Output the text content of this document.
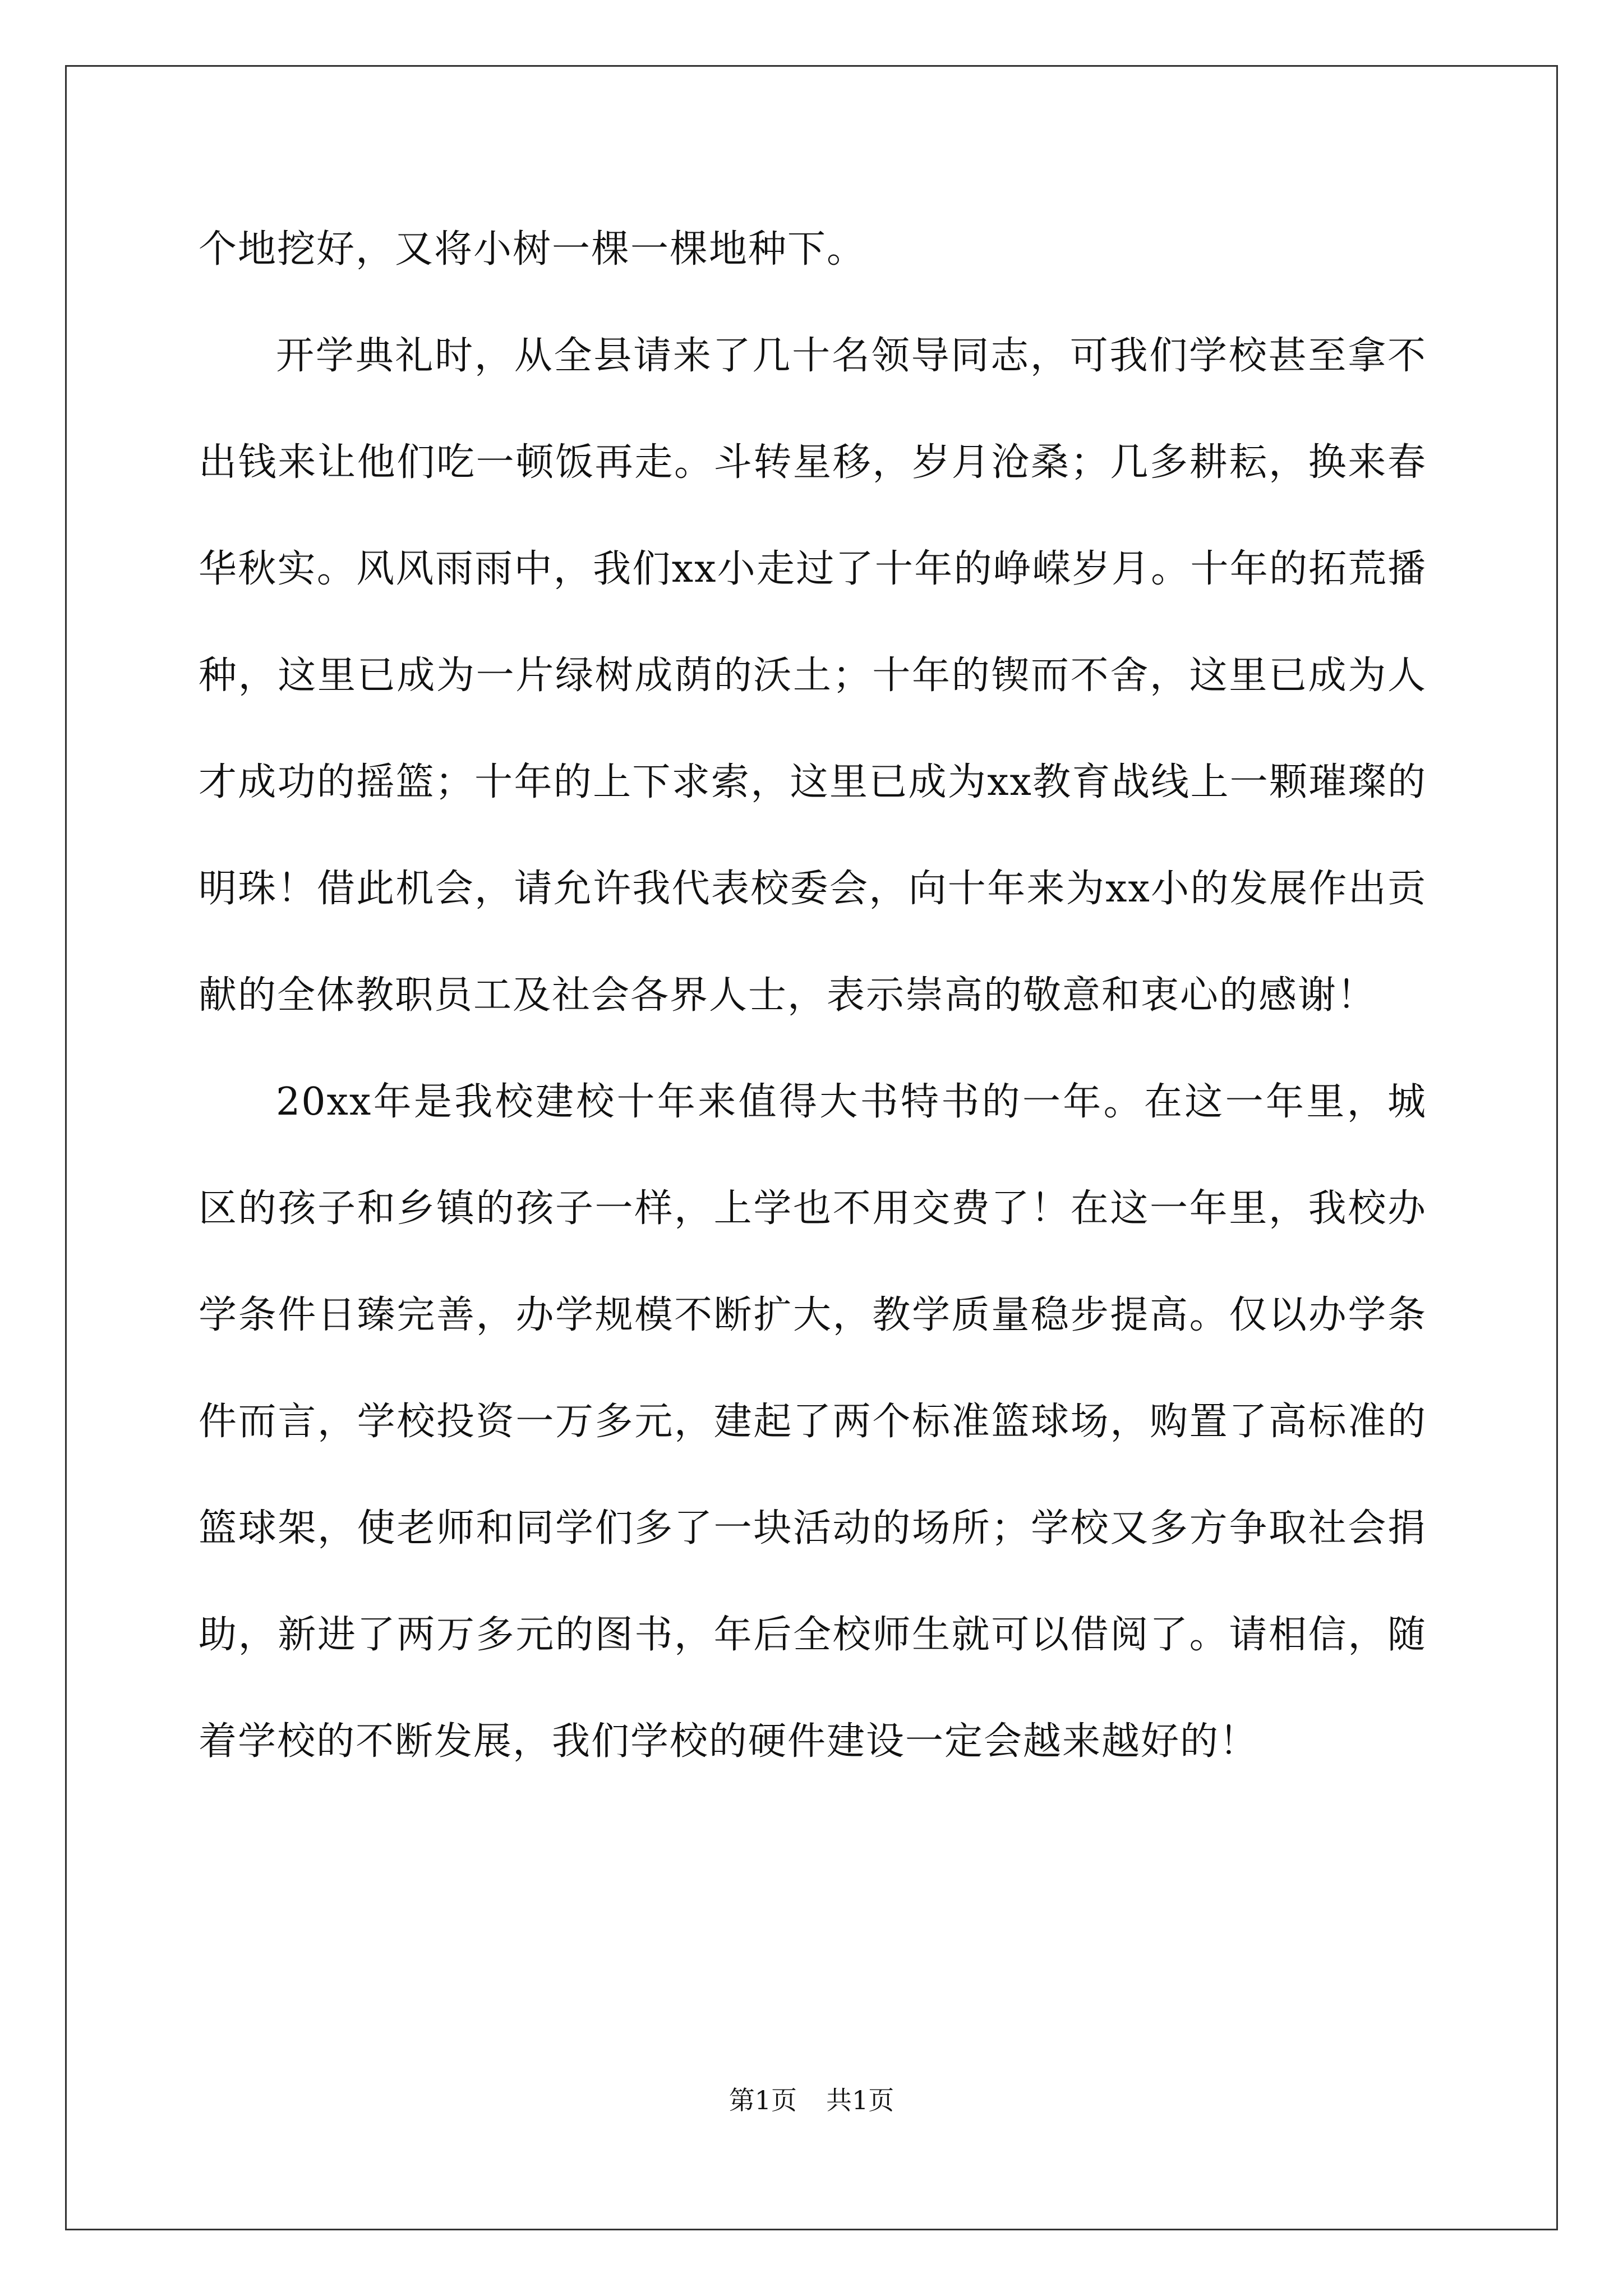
个地挖好，又将小树一棵一棵地种下。

开学典礼时，从全县请来了几十名领导同志，可我们学校甚至拿不出钱来让他们吃一顿饭再走。斗转星移，岁月沧桑；几多耕耘，换来春华秋实。风风雨雨中，我们xx小走过了十年的峥嵘岁月。十年的拓荒播种，这里已成为一片绿树成荫的沃土；十年的锲而不舍，这里已成为人才成功的摇篮；十年的上下求索，这里已成为xx教育战线上一颗璀璨的明珠！借此机会，请允许我代表校委会，向十年来为xx小的发展作出贡献的全体教职员工及社会各界人士，表示崇高的敬意和衷心的感谢！

20xx年是我校建校十年来值得大书特书的一年。在这一年里，城区的孩子和乡镇的孩子一样，上学也不用交费了！在这一年里，我校办学条件日臻完善，办学规模不断扩大，教学质量稳步提高。仅以办学条件而言，学校投资一万多元，建起了两个标准篮球场，购置了高标准的篮球架，使老师和同学们多了一块活动的场所；学校又多方争取社会捐助，新进了两万多元的图书，年后全校师生就可以借阅了。请相信，随着学校的不断发展，我们学校的硬件建设一定会越来越好的！

第1页 共1页
